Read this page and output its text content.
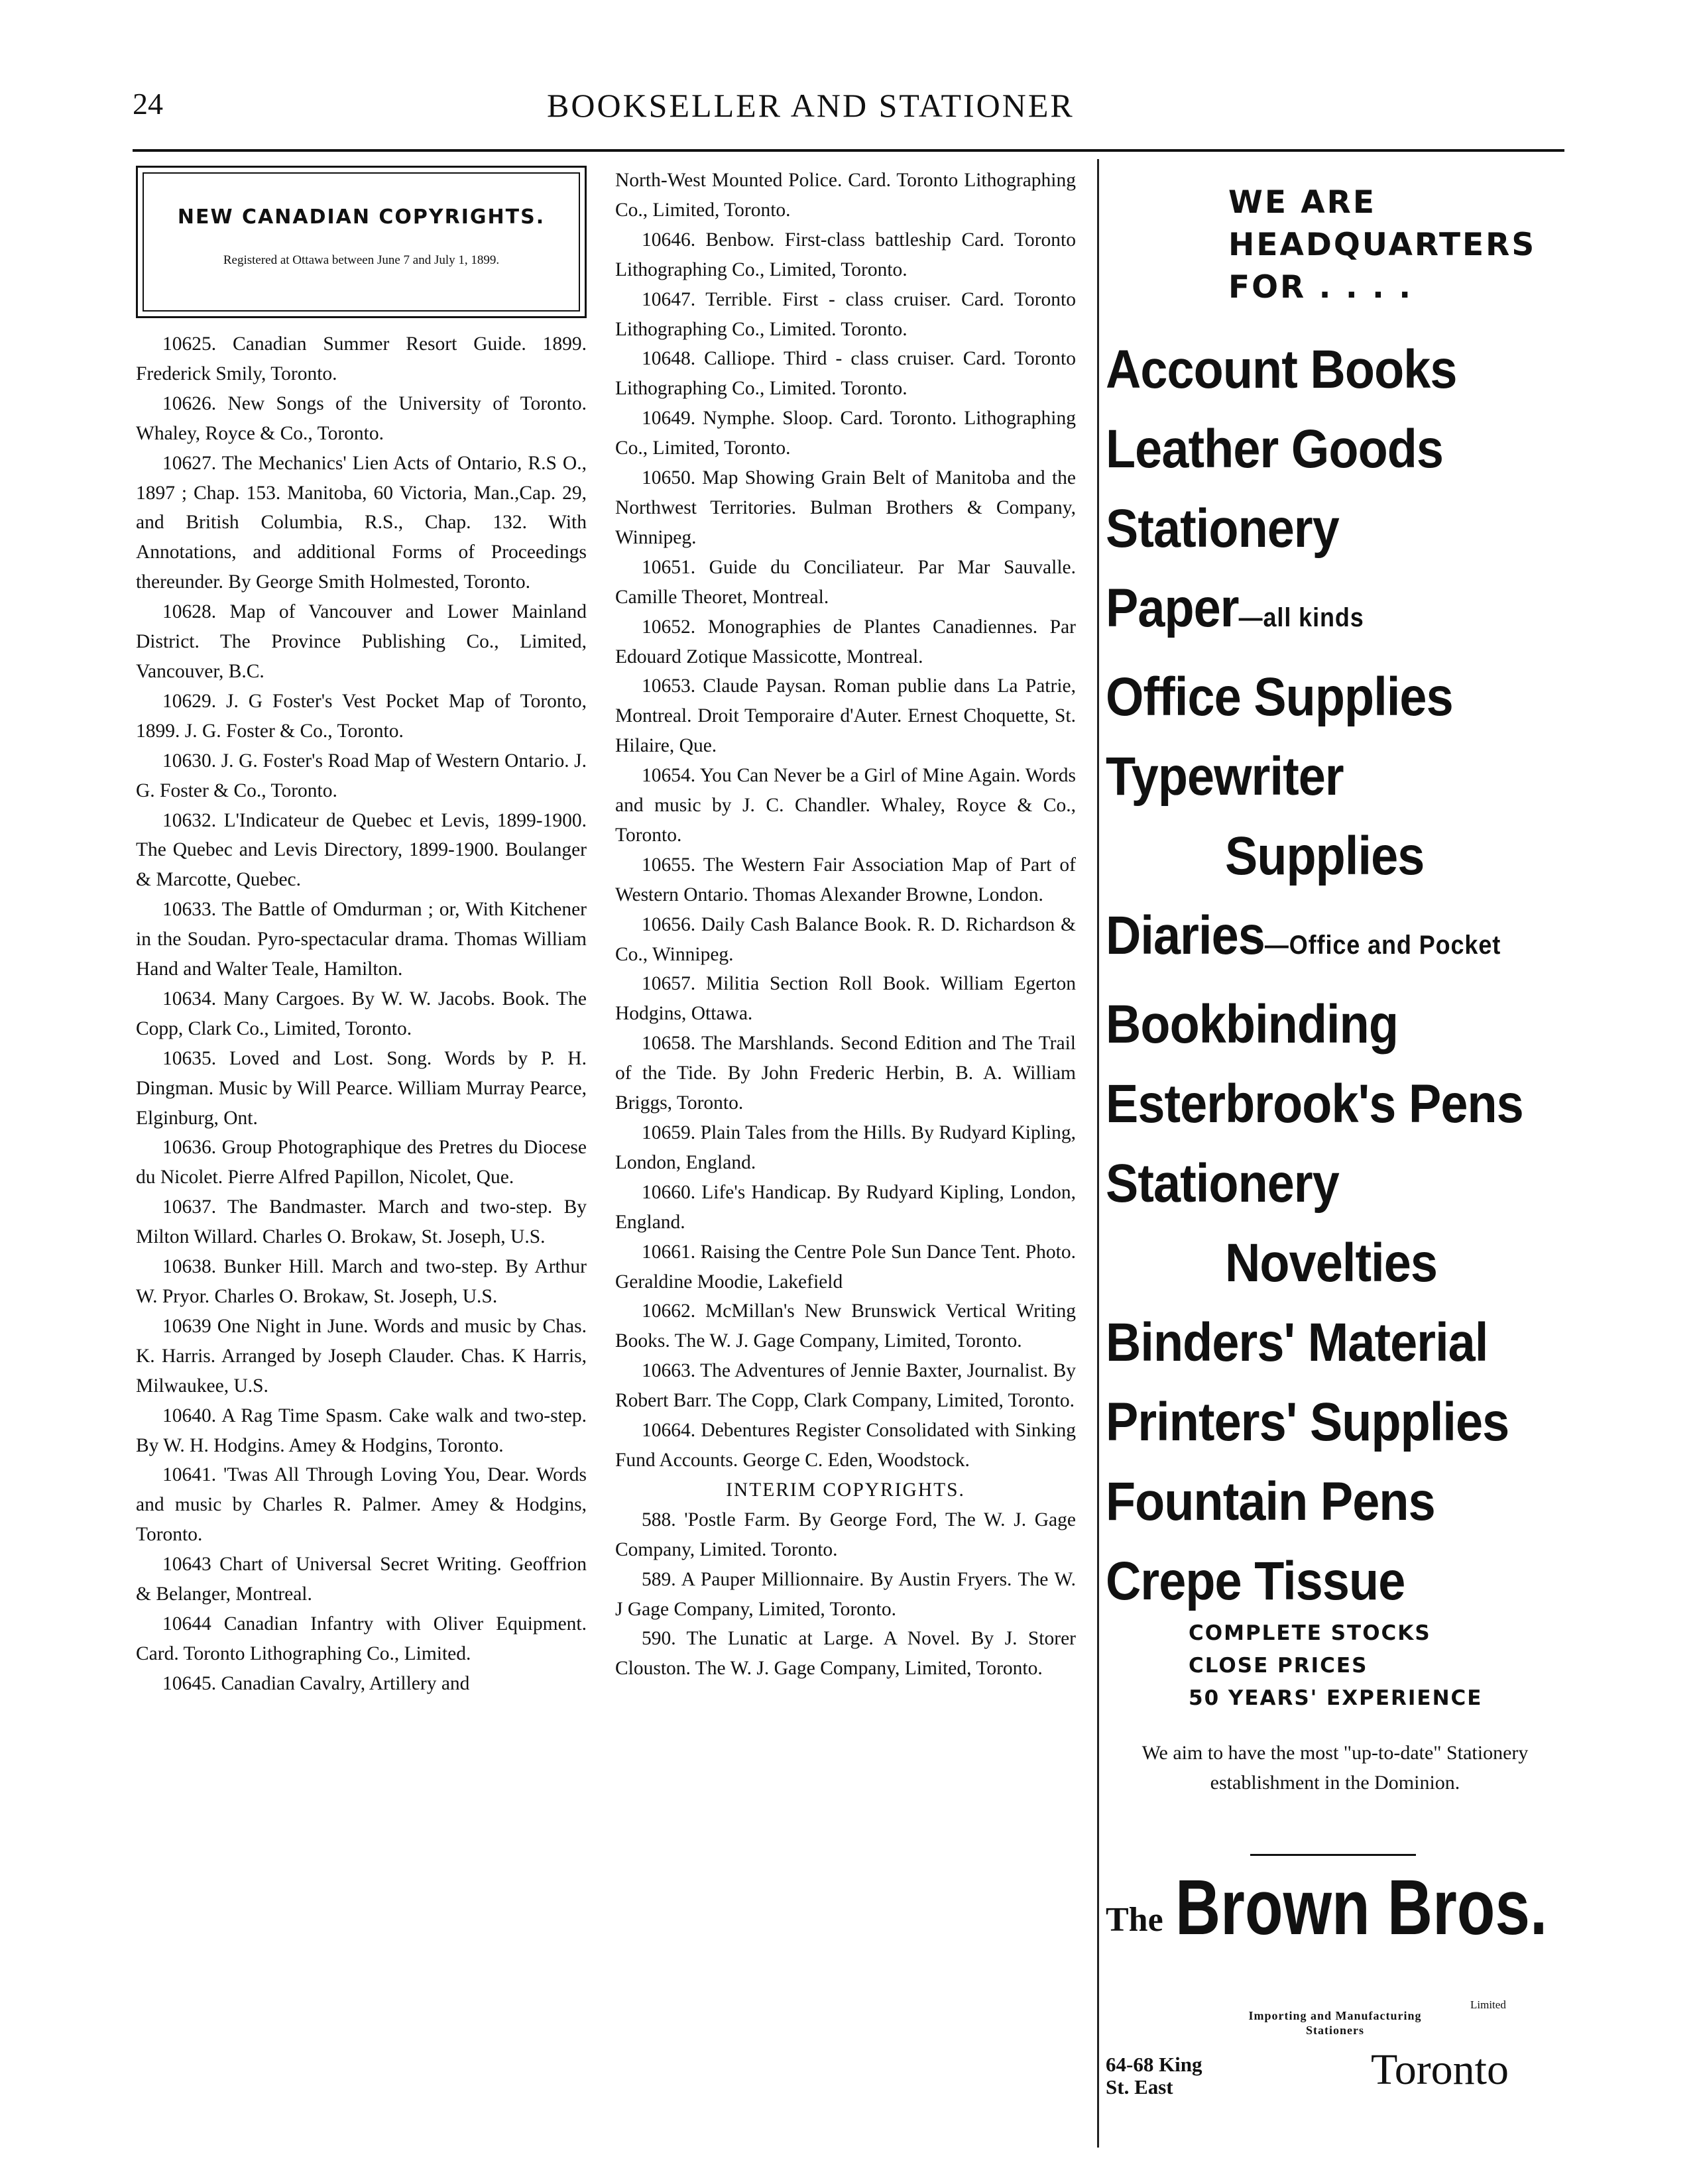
24	BOOKSELLER AND STATIONER
NEW CANADIAN COPYRIGHTS.
Registered at Ottawa between June 7 and July 1, 1899.

10625. Canadian Summer Resort Guide. 1899. Frederick Smily, Toronto.

10626. New Songs of the University of Toronto. Whaley, Royce & Co., Toronto.

10627. The Mechanics' Lien Acts of Ontario, R.S O., 1897 ; Chap. 153. Manitoba, 60 Victoria, Man.,Cap. 29, and British Columbia, R.S., Chap. 132. With Annotations, and additional Forms of Proceedings thereunder. By George Smith Holmested, Toronto.

10628. Map of Vancouver and Lower Mainland District. The Province Publishing Co., Limited, Vancouver, B.C.

10629. J. G Foster's Vest Pocket Map of Toronto, 1899. J. G. Foster & Co., Toronto.

10630. J. G. Foster's Road Map of Western Ontario. J. G. Foster & Co., Toronto.

10632. L'Indicateur de Quebec et Levis, 1899-1900. The Quebec and Levis Directory, 1899-1900. Boulanger & Marcotte, Quebec.

10633. The Battle of Omdurman ; or, With Kitchener in the Soudan. Pyro-spectacular drama. Thomas William Hand and Walter Teale, Hamilton.

10634. Many Cargoes. By W. W. Jacobs. Book. The Copp, Clark Co., Limited, Toronto.

10635. Loved and Lost. Song. Words by P. H. Dingman. Music by Will Pearce. William Murray Pearce, Elginburg, Ont.

10636. Group Photographique des Pretres du Diocese du Nicolet. Pierre Alfred Papillon, Nicolet, Que.

10637. The Bandmaster. March and two-step. By Milton Willard. Charles O. Brokaw, St. Joseph, U.S.

10638. Bunker Hill. March and two-step. By Arthur W. Pryor. Charles O. Brokaw, St. Joseph, U.S.

10639 One Night in June. Words and music by Chas. K. Harris. Arranged by Joseph Clauder. Chas. K Harris, Milwaukee, U.S.

10640. A Rag Time Spasm. Cake walk and two-step. By W. H. Hodgins. Amey & Hodgins, Toronto.

10641. 'Twas All Through Loving You, Dear. Words and music by Charles R. Palmer. Amey & Hodgins, Toronto.

10643 Chart of Universal Secret Writing. Geoffrion & Belanger, Montreal.

10644 Canadian Infantry with Oliver Equipment. Card. Toronto Lithographing Co., Limited.

10645. Canadian Cavalry, Artillery and

North-West Mounted Police. Card. Toronto Lithographing Co., Limited, Toronto.

10646. Benbow. First-class battleship Card. Toronto Lithographing Co., Limited, Toronto.

10647. Terrible. First - class cruiser. Card. Toronto Lithographing Co., Limited. Toronto.

10648. Calliope. Third - class cruiser. Card. Toronto Lithographing Co., Limited. Toronto.

10649. Nymphe. Sloop. Card. Toronto. Lithographing Co., Limited, Toronto.

10650. Map Showing Grain Belt of Manitoba and the Northwest Territories. Bulman Brothers & Company, Winnipeg.

10651. Guide du Conciliateur. Par Mar Sauvalle. Camille Theoret, Montreal.

10652. Monographies de Plantes Canadiennes. Par Edouard Zotique Massicotte, Montreal.

10653. Claude Paysan. Roman publie dans La Patrie, Montreal. Droit Temporaire d'Auter. Ernest Choquette, St. Hilaire, Que.

10654. You Can Never be a Girl of Mine Again. Words and music by J. C. Chandler. Whaley, Royce & Co., Toronto.

10655. The Western Fair Association Map of Part of Western Ontario. Thomas Alexander Browne, London.

10656. Daily Cash Balance Book. R. D. Richardson & Co., Winnipeg.

10657. Militia Section Roll Book. William Egerton Hodgins, Ottawa.

10658. The Marshlands. Second Edition and The Trail of the Tide. By John Frederic Herbin, B. A. William Briggs, Toronto.

10659. Plain Tales from the Hills. By Rudyard Kipling, London, England.

10660. Life's Handicap. By Rudyard Kipling, London, England.

10661. Raising the Centre Pole Sun Dance Tent. Photo. Geraldine Moodie, Lakefield

10662. McMillan's New Brunswick Vertical Writing Books. The W. J. Gage Company, Limited, Toronto.

10663. The Adventures of Jennie Baxter, Journalist. By Robert Barr. The Copp, Clark Company, Limited, Toronto.

10664. Debentures Register Consolidated with Sinking Fund Accounts. George C. Eden, Woodstock.

INTERIM COPYRIGHTS.

588. 'Postle Farm. By George Ford, The W. J. Gage Company, Limited. Toronto.

589. A Pauper Millionnaire. By Austin Fryers. The W. J Gage Company, Limited, Toronto.

590. The Lunatic at Large. A Novel. By J. Storer Clouston. The W. J. Gage Company, Limited, Toronto.

WE ARE
HEADQUARTERS
FOR . . . .
Account Books
Leather Goods
Stationery
Paper—all kinds
Office Supplies
Typewriter
Supplies
Diaries—Office and Pocket
Bookbinding
Esterbrook's Pens
Stationery
Novelties
Binders' Material
Printers' Supplies
Fountain Pens
Crepe Tissue
COMPLETE STOCKS
CLOSE PRICES
50 YEARS' EXPERIENCE
We aim to have the most "up-to-date" Stationery establishment in the Dominion.
The Brown Bros.
Limited
Importing and Manufacturing
Stationers
64-68 King
St. East	Toronto
